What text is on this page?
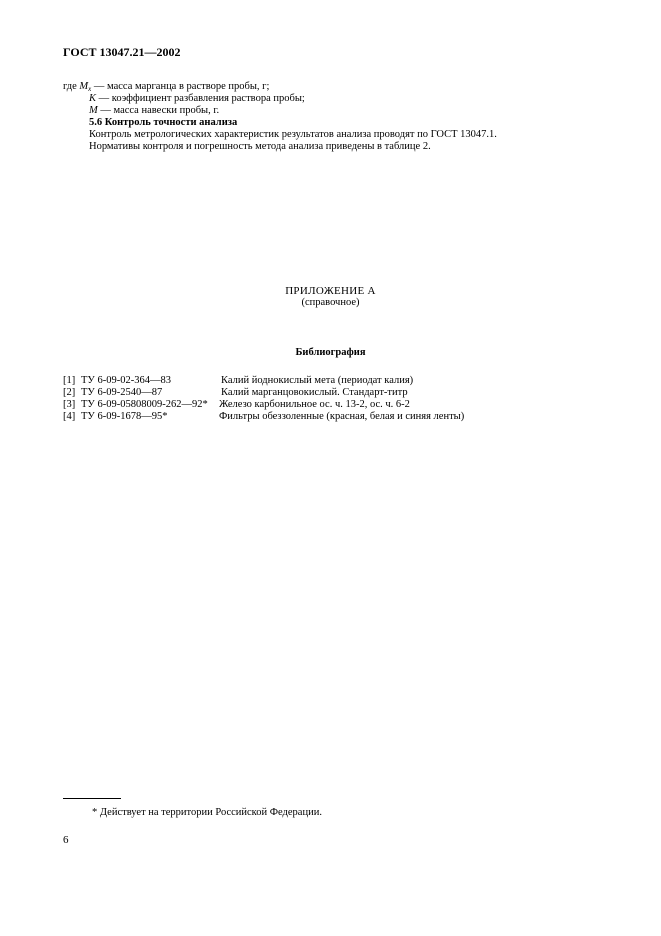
ГОСТ 13047.21—2002
где $M_x$ — масса марганца в растворе пробы, г;
K — коэффициент разбавления раствора пробы;
M — масса навески пробы, г.
5.6 Контроль точности анализа
Контроль метрологических характеристик результатов анализа проводят по ГОСТ 13047.1.
Нормативы контроля и погрешность метода анализа приведены в таблице 2.
ПРИЛОЖЕНИЕ А
(справочное)
Библиография
[1] ТУ 6-09-02-364—83	Калий йоднокислый мета (периодат калия)
[2] ТУ 6-09-2540—87	Калий марганцовокислый. Стандарт-титр
[3] ТУ 6-09-05808009-262—92* Железо карбонильное ос. ч. 13-2, ос. ч. 6-2
[4] ТУ 6-09-1678—95*	Фильтры обеззоленные (красная, белая и синяя ленты)
* Действует на территории Российской Федерации.
6
